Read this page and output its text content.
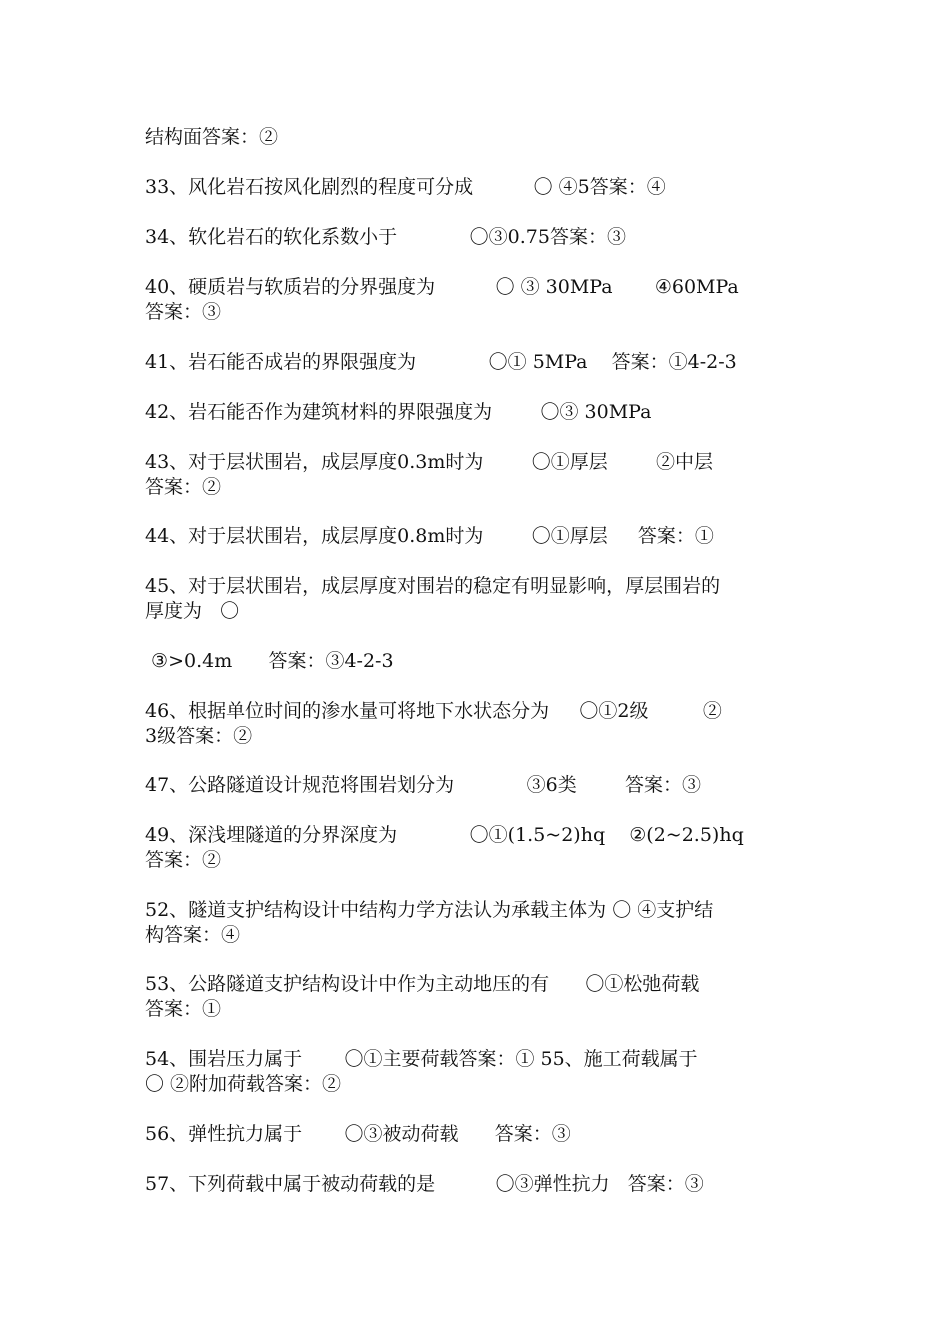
结构面答案：②
33、风化岩石按风化剧烈的程度可分成          〇 ④5答案：④
34、软化岩石的软化系数小于            〇③0.75答案：③
40、硬质岩与软质岩的分界强度为          〇 ③ 30MPa       ④60MPa
答案：③
41、岩石能否成岩的界限强度为            〇① 5MPa    答案：①4-2-3
42、岩石能否作为建筑材料的界限强度为        〇③ 30MPa
43、对于层状围岩，成层厚度0.3m时为        〇①厚层        ②中层
答案：②
44、对于层状围岩，成层厚度0.8m时为        〇①厚层     答案：①
45、对于层状围岩，成层厚度对围岩的稳定有明显影响，厚层围岩的
厚度为   〇
③>0.4m      答案：③4-2-3
46、根据单位时间的渗水量可将地下水状态分为     〇①2级         ②
3级答案：②
47、公路隧道设计规范将围岩划分为            ③6类        答案：③
49、深浅埋隧道的分界深度为            〇①(1.5~2)hq    ②(2~2.5)hq
答案：②
52、隧道支护结构设计中结构力学方法认为承载主体为 〇 ④支护结
构答案：④
53、公路隧道支护结构设计中作为主动地压的有      〇①松弛荷载
答案：①
54、围岩压力属于       〇①主要荷载答案：① 55、施工荷载属于
〇 ②附加荷载答案：②
56、弹性抗力属于       〇③被动荷载      答案：③
57、下列荷载中属于被动荷载的是          〇③弹性抗力   答案：③
